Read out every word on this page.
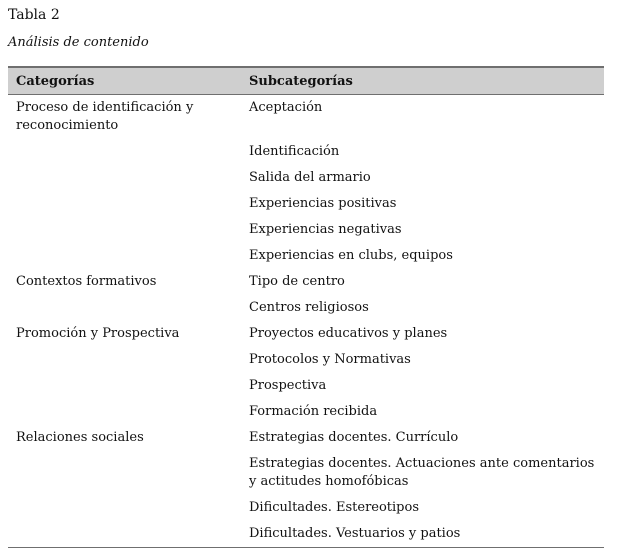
Tabla 2
Análisis de contenido
Categorías	Subcategorías
Proceso de identificación y reconocimiento	Aceptación
	Identificación
	Salida del armario
	Experiencias positivas
	Experiencias negativas
	Experiencias en clubs, equipos
Contextos formativos	Tipo de centro
	Centros religiosos
Promoción y Prospectiva	Proyectos educativos y planes
	Protocolos y Normativas
	Prospectiva
	Formación recibida
Relaciones sociales	Estrategias docentes. Currículo
	Estrategias docentes. Actuaciones ante comentarios y actitudes homofóbicas
	Dificultades. Estereotipos
	Dificultades. Vestuarios y patios
